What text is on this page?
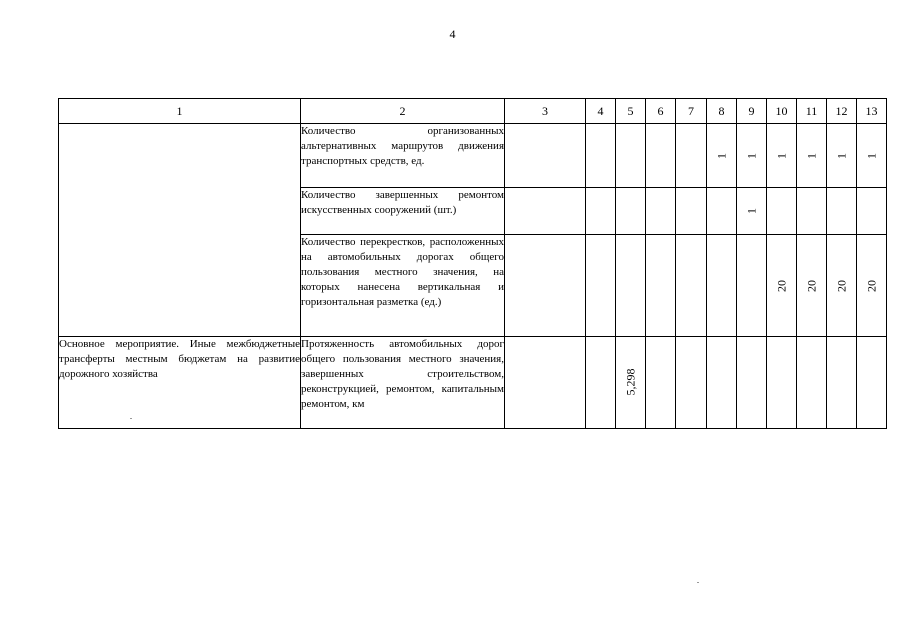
4
1	2	3	4	5	6	7	8	9	10	11	12	13
	Количество организованных альтернативных маршрутов движения транспортных средств, ед.						1	1	1	1	1	1

	Количество завершенных ремонтом искусственных сооружений (шт.)							1				

	Количество перекрестков, расположенных на автомобильных дорогах общего пользования местного значения, на которых нанесена вертикальная и горизонтальная разметка (ед.)								20	20	20	20

Основное мероприятие. Иные межбюджетные трансферты местным бюджетам на развитие дорожного хозяйства	Протяженность автомобильных дорог общего пользования местного значения, завершенных строительством, реконструкцией, ремонтом, капитальным ремонтом, км			5,298								
